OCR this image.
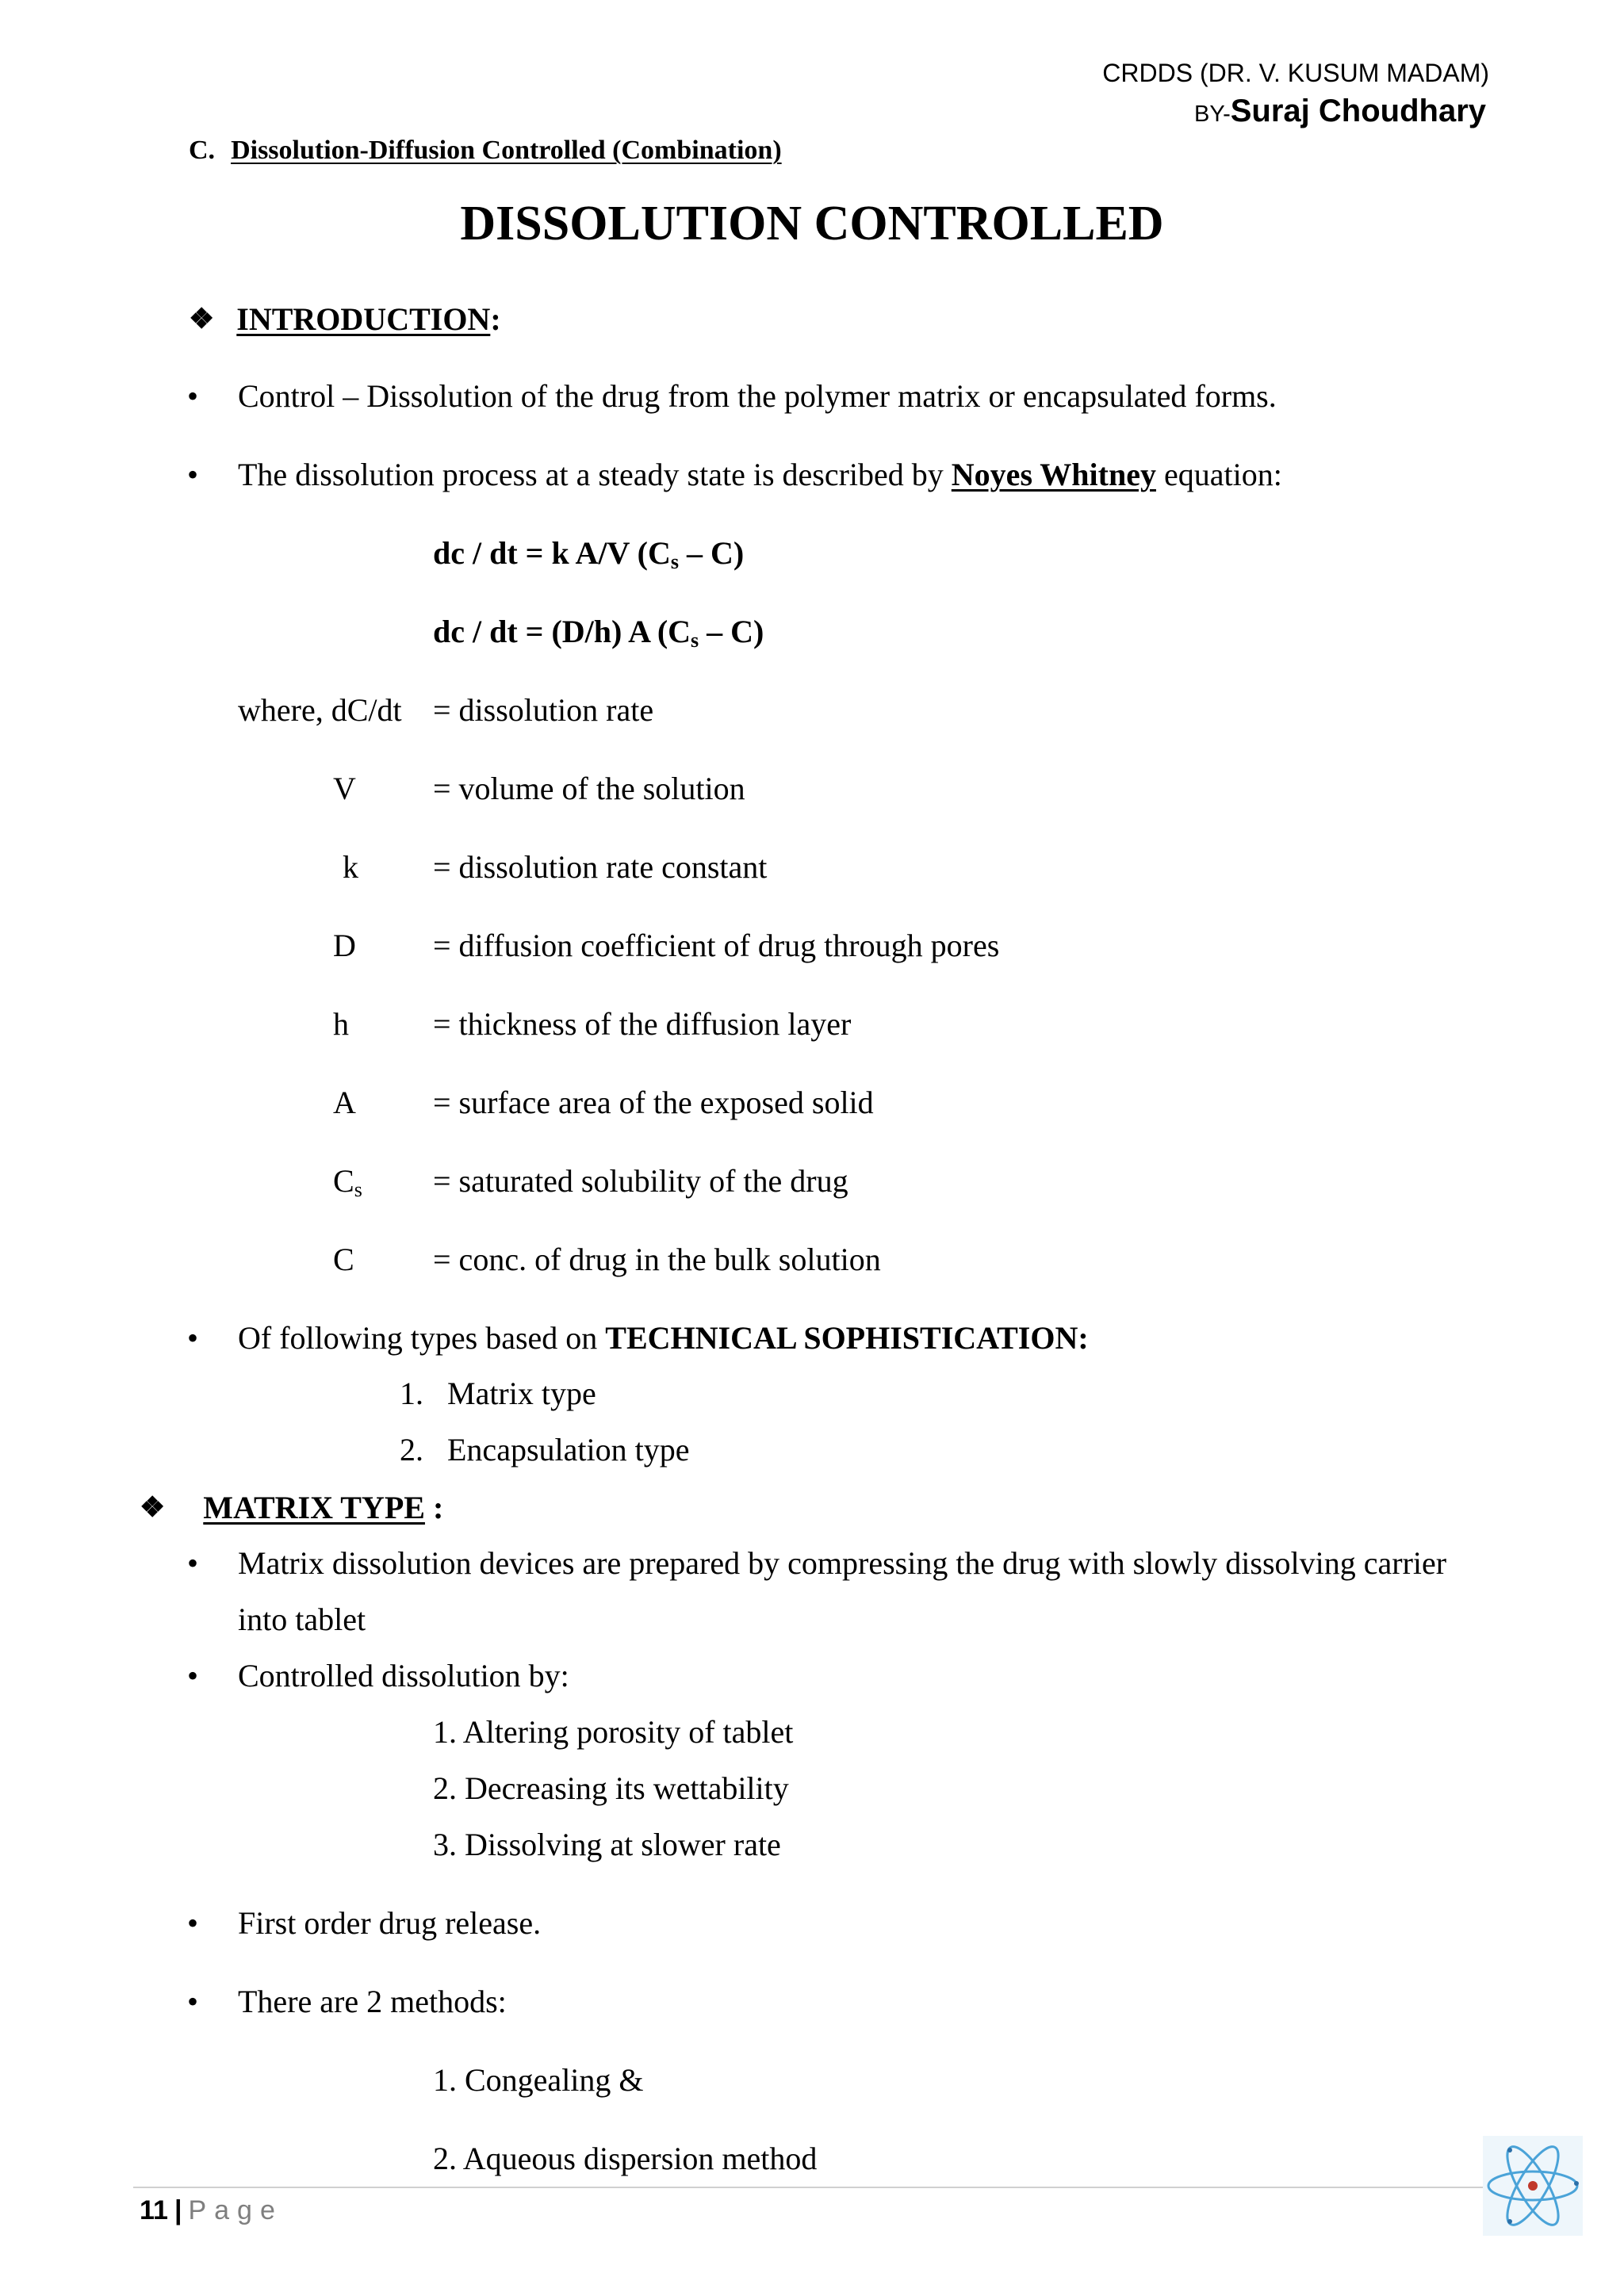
CRDDS (DR. V. KUSUM MADAM)
BY-Suraj Choudhary
C. Dissolution-Diffusion Controlled (Combination)
DISSOLUTION CONTROLLED
❖ INTRODUCTION:
• Control – Dissolution of the drug from the polymer matrix or encapsulated forms.
• The dissolution process at a steady state is described by Noyes Whitney equation:
dc / dt = k A/V $(C_s - C)$
dc / dt = (D/h) A $(C_s - C)$
where, dC/dt = dissolution rate
V = volume of the solution
k = dissolution rate constant
D = diffusion coefficient of drug through pores
h	= thickness of the diffusion layer
A = surface area of the exposed solid
$C_s$ = saturated solubility of the drug
C = conc. of drug in the bulk solution
• Of following types based on TECHNICAL SOPHISTICATION:
1.   Matrix type
2.   Encapsulation type
❖ MATRIX TYPE :
• Matrix dissolution devices are prepared by compressing the drug with slowly dissolving carrier
into tablet
• Controlled dissolution by:
1. Altering porosity of tablet
2. Decreasing its wettability
3. Dissolving at slower rate
• First order drug release.
• There are 2 methods:
1. Congealing &
2. Aqueous dispersion method
11 | Page
